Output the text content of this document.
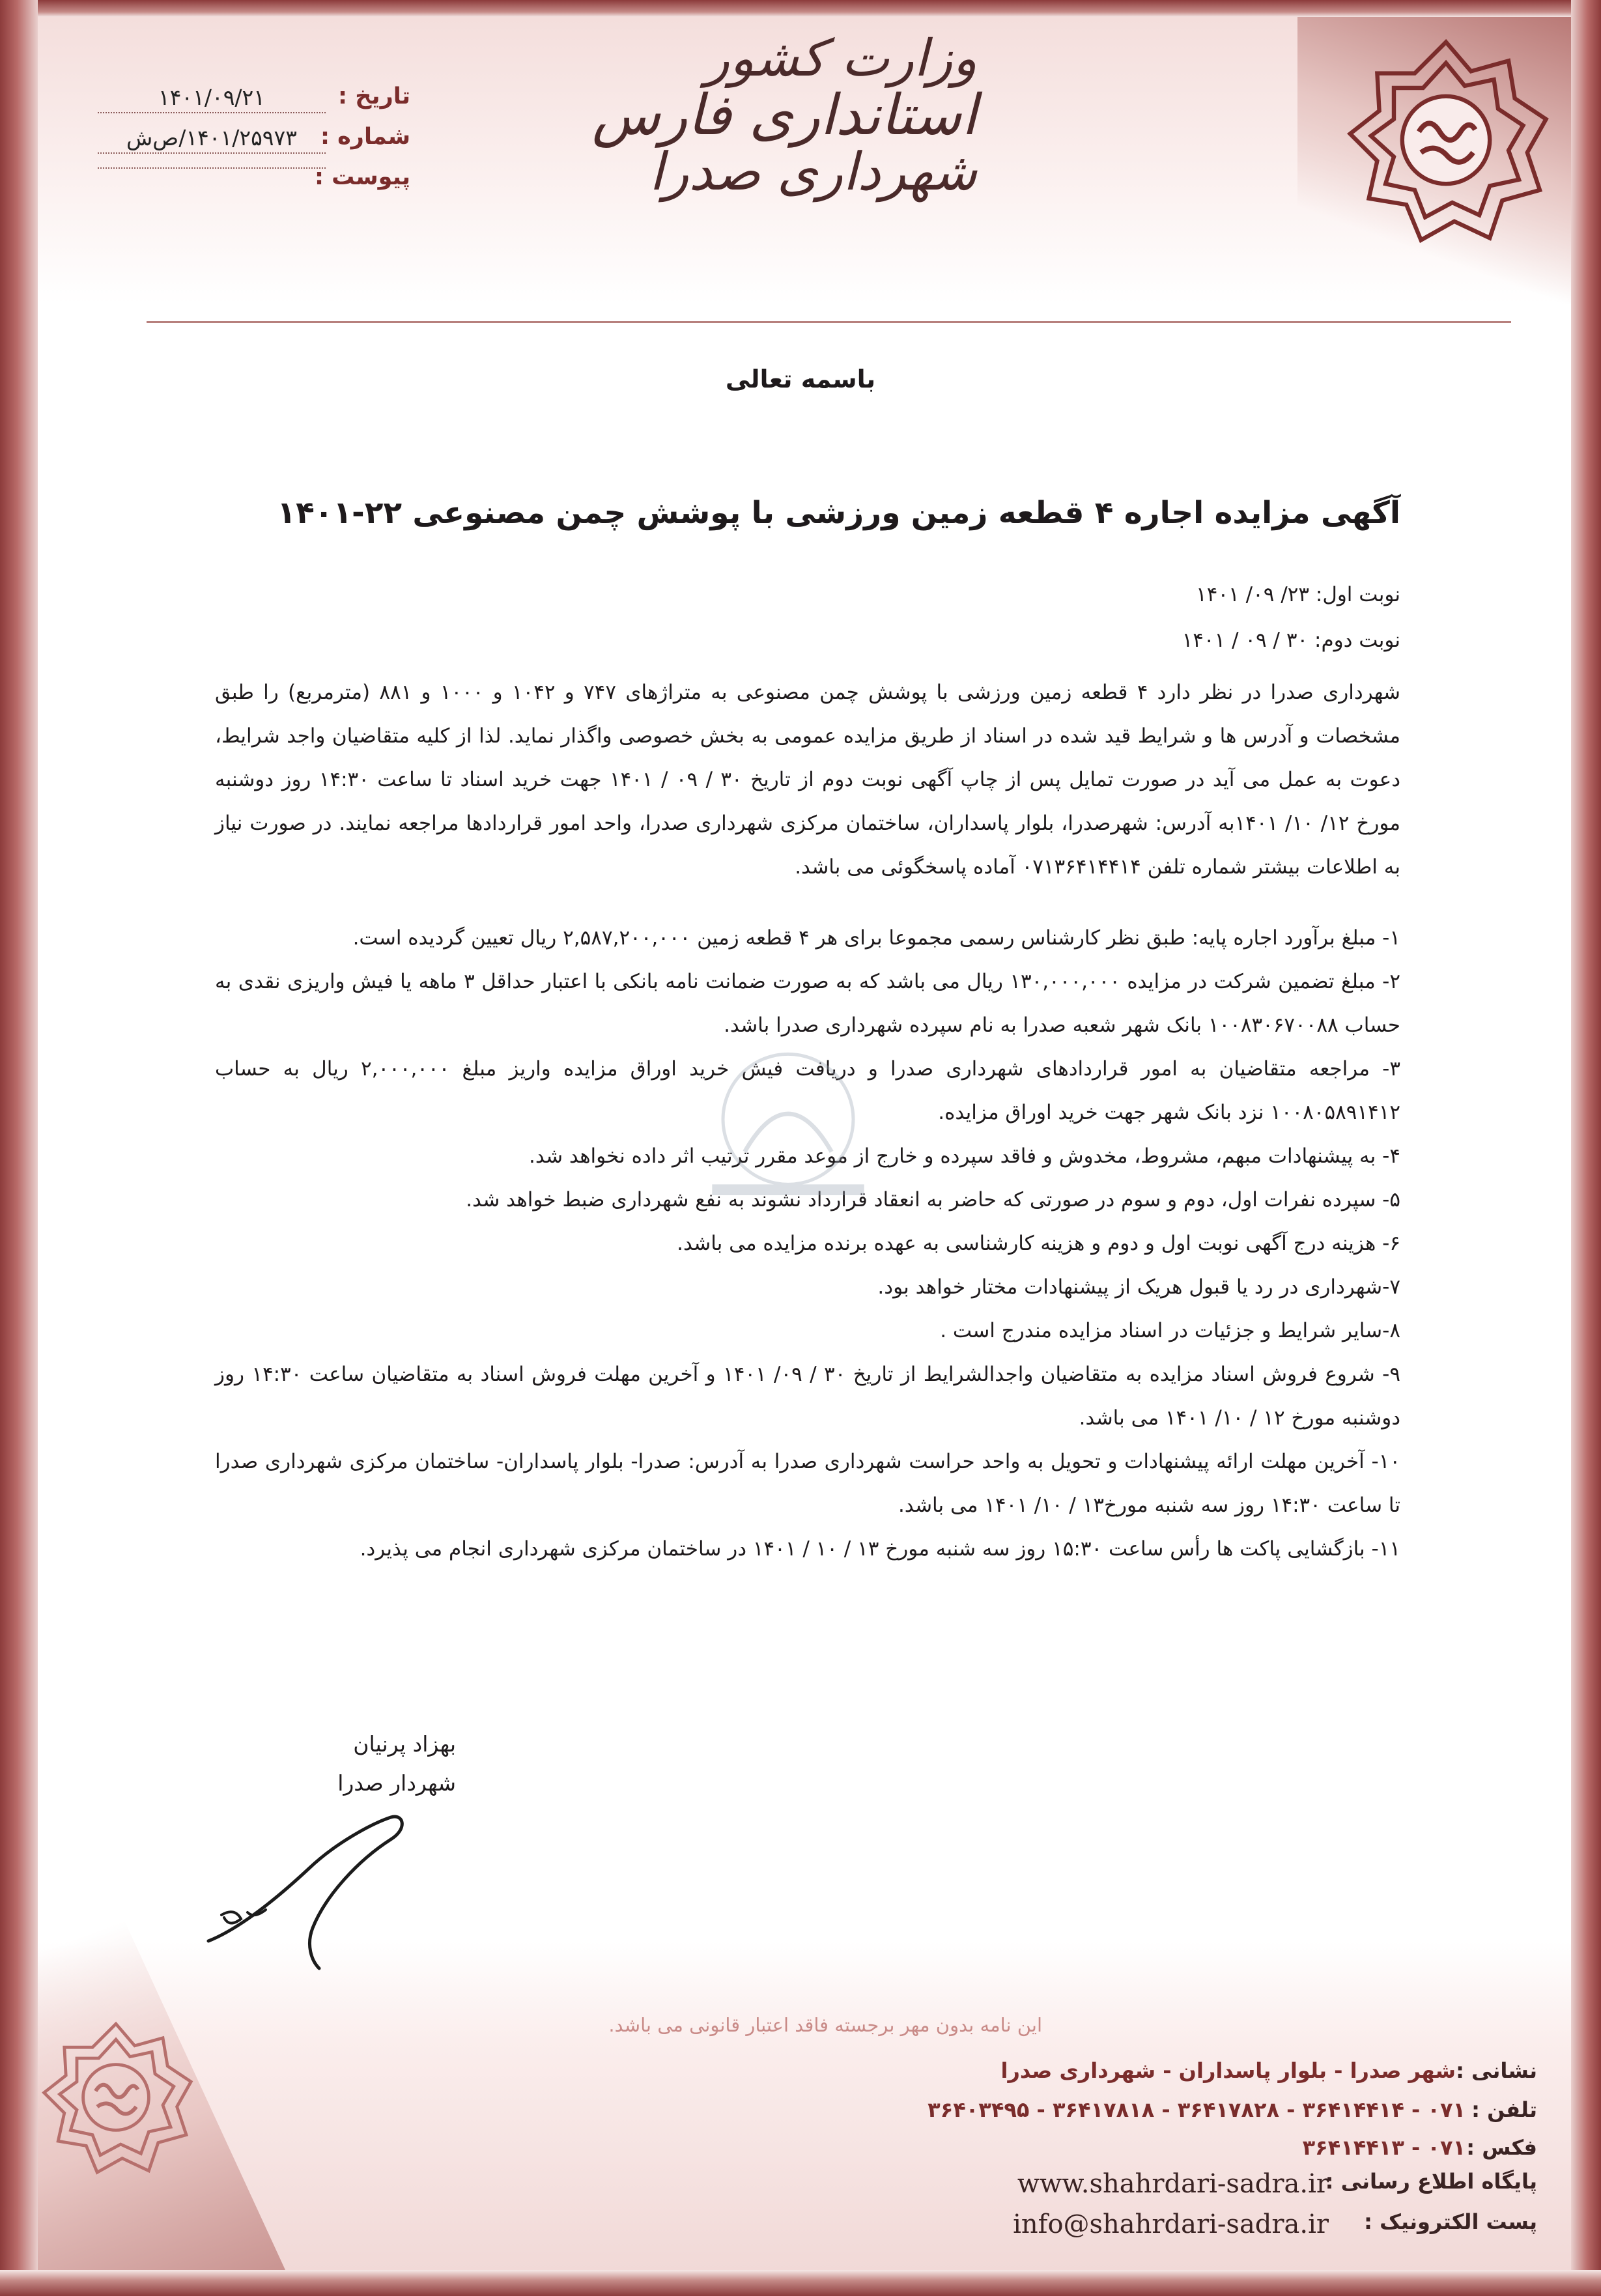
وزارت کشور
استانداری فارس
شهرداری صدرا
تاریخ :
۱۴۰۱/۰۹/۲۱
شماره :
۱۴۰۱/۲۵۹۷۳/ص‌ش
پیوست :
باسمه تعالی
آگهی مزایده اجاره ۴ قطعه زمین ورزشی با پوشش چمن مصنوعی ۲۲-۱۴۰۱
نوبت اول: ۲۳/ ۰۹/ ۱۴۰۱
نوبت دوم: ۳۰ / ۰۹ / ۱۴۰۱

شهرداری صدرا در نظر دارد ۴ قطعه زمین ورزشی با پوشش چمن مصنوعی به متراژهای ۷۴۷ و ۱۰۴۲ و ۱۰۰۰ و ۸۸۱ (مترمربع) را طبق مشخصات و آدرس ها و شرایط قید شده در اسناد از طریق مزایده عمومی به بخش خصوصی واگذار نماید. لذا از کلیه متقاضیان واجد شرایط، دعوت به عمل می آید در صورت تمایل پس از چاپ آگهی نوبت دوم از تاریخ ۳۰ / ۰۹ / ۱۴۰۱ جهت خرید اسناد تا ساعت ۱۴:۳۰ روز دوشنبه مورخ ۱۲/ ۱۰/ ۱۴۰۱به آدرس: شهرصدرا، بلوار پاسداران، ساختمان مرکزی شهرداری صدرا، واحد امور قراردادها مراجعه نمایند. در صورت نیاز به اطلاعات بیشتر شماره تلفن ۰۷۱۳۶۴۱۴۴۱۴ آماده پاسخگوئی می باشد.

۱- مبلغ برآورد اجاره پایه: طبق نظر کارشناس رسمی مجموعا برای هر ۴ قطعه زمین ۲,۵۸۷,۲۰۰,۰۰۰ ریال تعیین گردیده است.

۲- مبلغ تضمین شرکت در مزایده ۱۳۰,۰۰۰,۰۰۰ ریال می باشد که به صورت ضمانت نامه بانکی با اعتبار حداقل ۳ ماهه یا فیش واریزی نقدی به حساب ۱۰۰۸۳۰۶۷۰۰۸۸ بانک شهر شعبه صدرا به نام سپرده شهرداری صدرا باشد.

۳- مراجعه متقاضیان به امور قراردادهای شهرداری صدرا و دریافت فیش خرید اوراق مزایده واریز مبلغ ۲,۰۰۰,۰۰۰ ریال به حساب ۱۰۰۸۰۵۸۹۱۴۱۲ نزد بانک شهر جهت خرید اوراق مزایده.

۴- به پیشنهادات مبهم، مشروط، مخدوش و فاقد سپرده و خارج از موعد مقرر ترتیب اثر داده نخواهد شد.

۵- سپرده نفرات اول، دوم و سوم در صورتی که حاضر به انعقاد قرارداد نشوند به نفع شهرداری ضبط خواهد شد.

۶- هزینه درج آگهی نوبت اول و دوم و هزینه کارشناسی به عهده برنده مزایده می باشد.

۷-شهرداری در رد یا قبول هریک از پیشنهادات مختار خواهد بود.

۸-سایر شرایط و جزئیات در اسناد مزایده مندرج است .

۹- شروع فروش اسناد مزایده به متقاضیان واجدالشرایط از تاریخ ۳۰ / ۰۹/ ۱۴۰۱ و آخرین مهلت فروش اسناد به متقاضیان ساعت ۱۴:۳۰ روز دوشنبه مورخ ۱۲ / ۱۰/ ۱۴۰۱ می باشد.

۱۰- آخرین مهلت ارائه پیشنهادات و تحویل به واحد حراست شهرداری صدرا به آدرس: صدرا- بلوار پاسداران- ساختمان مرکزی شهرداری صدرا تا ساعت ۱۴:۳۰ روز سه شنبه مورخ۱۳ / ۱۰/ ۱۴۰۱ می باشد.

۱۱- بازگشایی پاکت ها رأس ساعت ۱۵:۳۰ روز سه شنبه مورخ ۱۳ / ۱۰ / ۱۴۰۱ در ساختمان مرکزی شهرداری انجام می پذیرد.

بهزاد پرنیان
شهردار صدرا
این نامه بدون مهر برجسته فاقد اعتبار قانونی می باشد.
نشانی :
شهر صدرا - بلوار پاسداران - شهرداری صدرا
تلفن :
۰۷۱ - ۳۶۴۱۴۴۱۴ - ۳۶۴۱۷۸۲۸ - ۳۶۴۱۷۸۱۸ - ۳۶۴۰۳۴۹۵
فکس :
۰۷۱ - ۳۶۴۱۴۴۱۳
پایگاه اطلاع رسانی :
www.shahrdari-sadra.ir
پست الکترونیک :
info@shahrdari-sadra.ir
